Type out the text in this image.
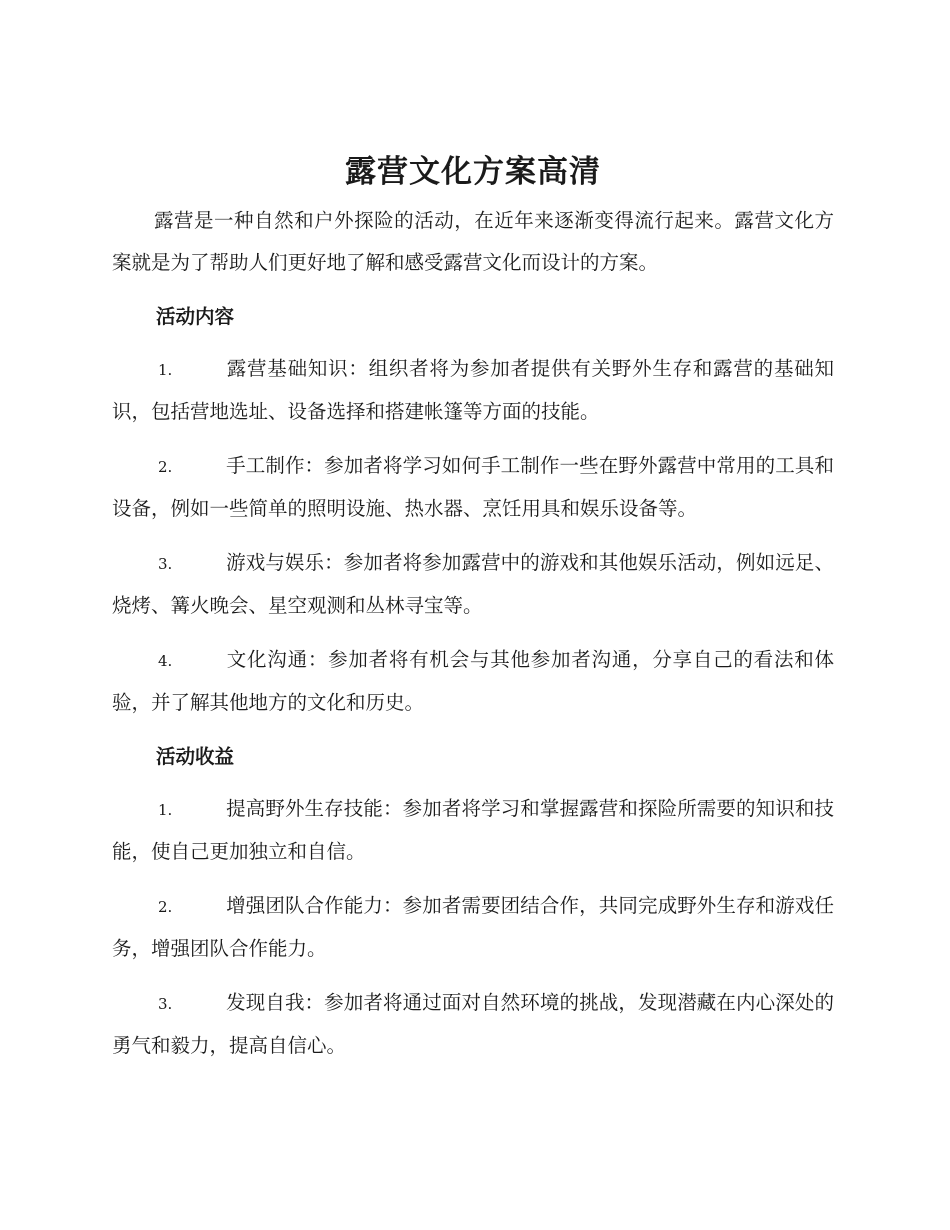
露营文化方案高清

露营是一种自然和户外探险的活动，在近年来逐渐变得流行起来。露营文化方案就是为了帮助人们更好地了解和感受露营文化而设计的方案。

活动内容

1.	露营基础知识：组织者将为参加者提供有关野外生存和露营的基础知识，包括营地选址、设备选择和搭建帐篷等方面的技能。

2.	手工制作：参加者将学习如何手工制作一些在野外露营中常用的工具和设备，例如一些简单的照明设施、热水器、烹饪用具和娱乐设备等。

3.	游戏与娱乐：参加者将参加露营中的游戏和其他娱乐活动，例如远足、烧烤、篝火晚会、星空观测和丛林寻宝等。

4.	文化沟通：参加者将有机会与其他参加者沟通，分享自己的看法和体验，并了解其他地方的文化和历史。

活动收益

1.	提高野外生存技能：参加者将学习和掌握露营和探险所需要的知识和技能，使自己更加独立和自信。

2.	增强团队合作能力：参加者需要团结合作，共同完成野外生存和游戏任务，增强团队合作能力。

3.	发现自我：参加者将通过面对自然环境的挑战，发现潜藏在内心深处的勇气和毅力，提高自信心。
